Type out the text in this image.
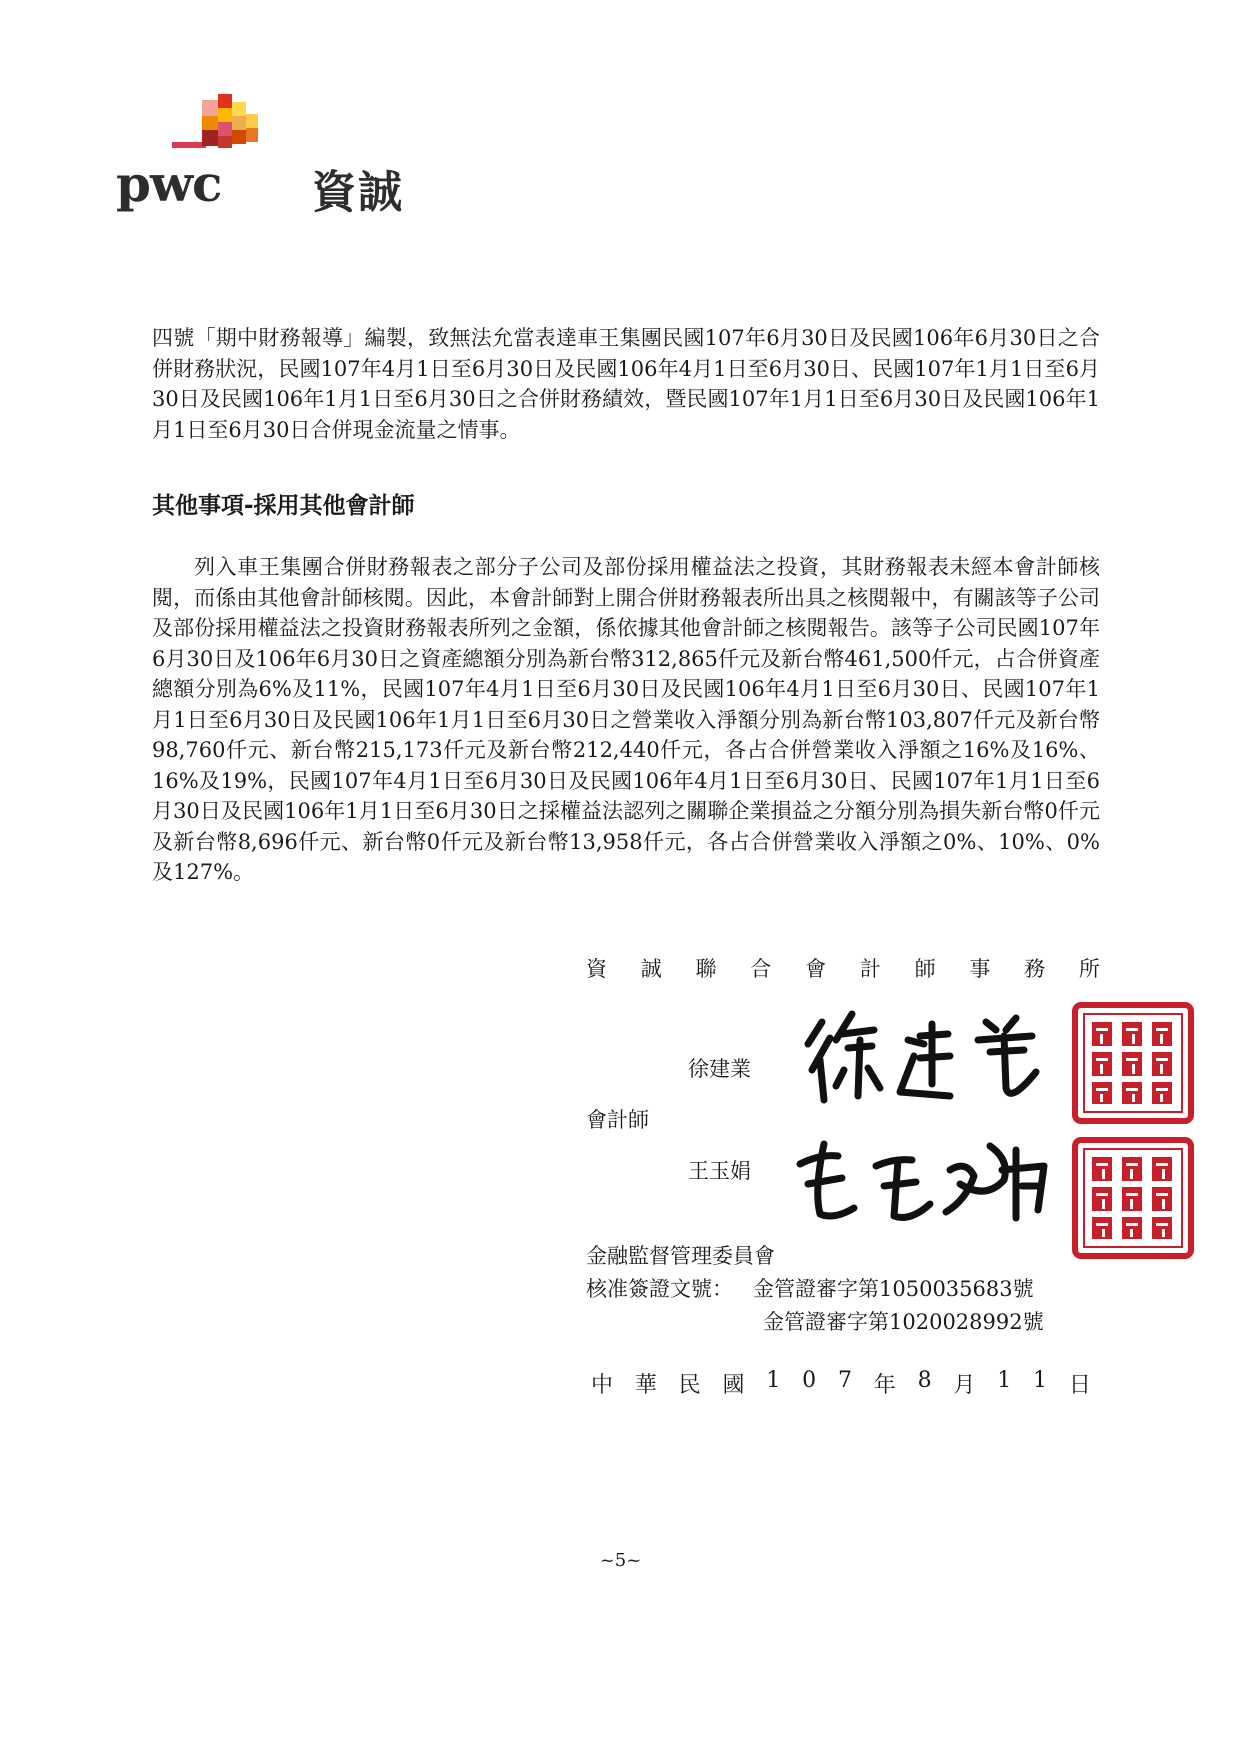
pwc 資誠
四號「期中財務報導」編製，致無法允當表達車王集團民國107年6月30日及民國106年6月30日之合併財務狀況，民國107年4月1日至6月30日及民國106年4月1日至6月30日、民國107年1月1日至6月30日及民國106年1月1日至6月30日之合併財務績效，暨民國107年1月1日至6月30日及民國106年1月1日至6月30日合併現金流量之情事。
其他事項-採用其他會計師
列入車王集團合併財務報表之部分子公司及部份採用權益法之投資，其財務報表未經本會計師核閱，而係由其他會計師核閱。因此，本會計師對上開合併財務報表所出具之核閱報中，有關該等子公司及部份採用權益法之投資財務報表所列之金額，係依據其他會計師之核閱報告。該等子公司民國107年6月30日及106年6月30日之資產總額分別為新台幣312,865仟元及新台幣461,500仟元，占合併資產總額分別為6%及11%，民國107年4月1日至6月30日及民國106年4月1日至6月30日、民國107年1月1日至6月30日及民國106年1月1日至6月30日之營業收入淨額分別為新台幣103,807仟元及新台幣98,760仟元、新台幣215,173仟元及新台幣212,440仟元，各占合併營業收入淨額之16%及16%、16%及19%，民國107年4月1日至6月30日及民國106年4月1日至6月30日、民國107年1月1日至6月30日及民國106年1月1日至6月30日之採權益法認列之關聯企業損益之分額分別為損失新台幣0仟元及新台幣8,696仟元、新台幣0仟元及新台幣13,958仟元，各占合併營業收入淨額之0%、10%、0%及127%。
資 誠 聯 合 會 計 師 事 務 所
徐建業
會計師
王玉娟
金融監督管理委員會
核准簽證文號： 金管證審字第1050035683號
金管證審字第1020028992號
中 華 民 國 1 0 7 年 8 月 1 1 日
~5~
